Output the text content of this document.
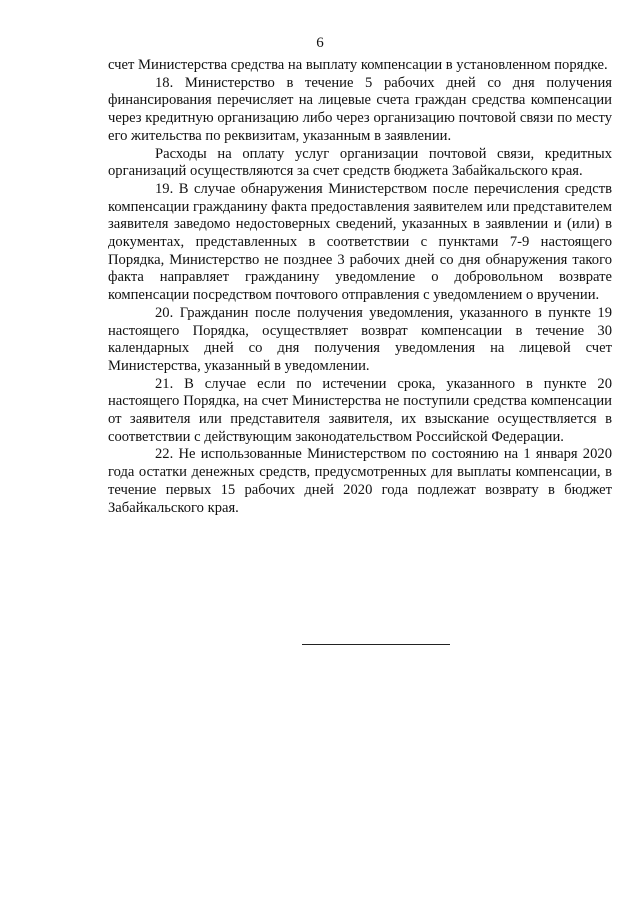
6

счет Министерства средства на выплату компенсации в установленном порядке.

18. Министерство в течение 5 рабочих дней со дня получения финансирования перечисляет на лицевые счета граждан средства компенсации через кредитную организацию либо через организацию почтовой связи по месту его жительства по реквизитам, указанным в заявлении.

Расходы на оплату услуг организации почтовой связи, кредитных организаций осуществляются за счет средств бюджета Забайкальского края.

19. В случае обнаружения Министерством после перечисления средств компенсации гражданину факта предоставления заявителем или представителем заявителя заведомо недостоверных сведений, указанных в заявлении и (или) в документах, представленных в соответствии с пунктами 7-9 настоящего Порядка, Министерство не позднее 3 рабочих дней со дня обнаружения такого факта направляет гражданину уведомление о добровольном возврате компенсации посредством почтового отправления с уведомлением о вручении.

20. Гражданин после получения уведомления, указанного в пункте 19 настоящего Порядка, осуществляет возврат компенсации в течение 30 календарных дней со дня получения уведомления на лицевой счет Министерства, указанный в уведомлении.

21. В случае если по истечении срока, указанного в пункте 20 настоящего Порядка, на счет Министерства не поступили средства компенсации от заявителя или представителя заявителя, их взыскание осуществляется в соответствии с действующим законодательством Российской Федерации.

22. Не использованные Министерством по состоянию на 1 января 2020 года остатки денежных средств, предусмотренных для выплаты компенсации, в течение первых 15 рабочих дней 2020 года подлежат возврату в бюджет Забайкальского края.
